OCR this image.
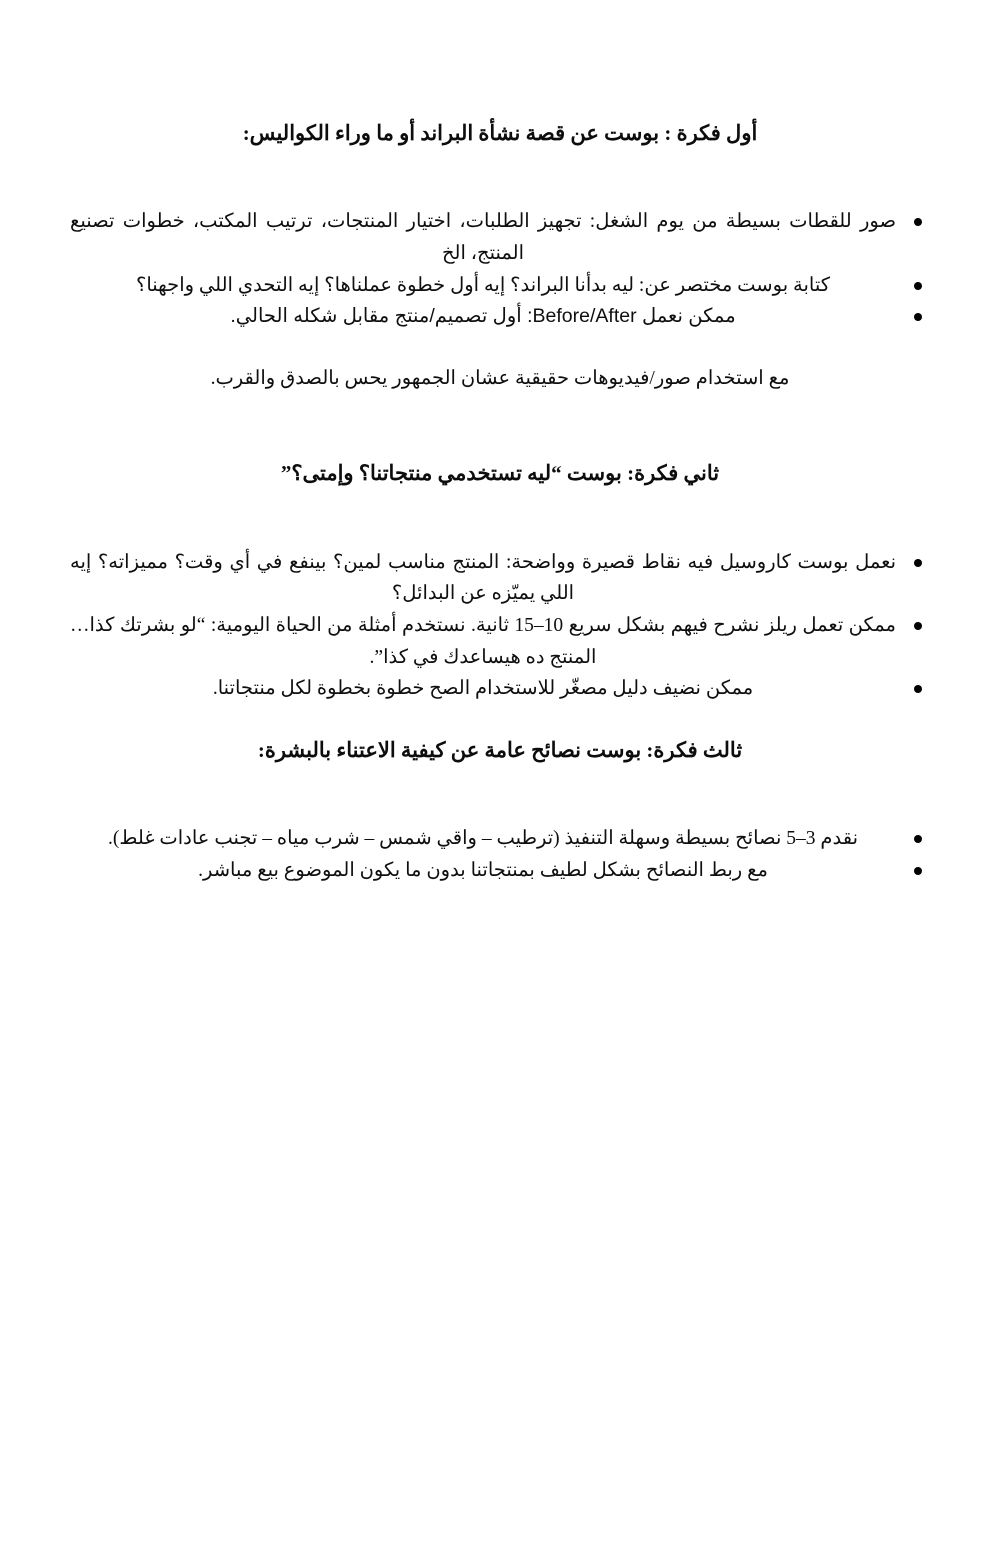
أول فكرة : بوست عن قصة نشأة البراند أو ما وراء الكواليس:
صور للقطات بسيطة من يوم الشغل: تجهيز الطلبات، اختيار المنتجات، ترتيب المكتب، خطوات تصنيع المنتج، الخ
كتابة بوست مختصر عن: ليه بدأنا البراند؟ إيه أول خطوة عملناها؟ إيه التحدي اللي واجهنا؟
ممكن نعمل Before/After: أول تصميم/منتج مقابل شكله الحالي.

مع استخدام صور/فيديوهات حقيقية عشان الجمهور يحس بالصدق والقرب.

ثاني فكرة: بوست “ليه تستخدمي منتجاتنا؟ وإمتى؟”
نعمل بوست كاروسيل فيه نقاط قصيرة وواضحة: المنتج مناسب لمين؟ بينفع في أي وقت؟ مميزاته؟ إيه اللي يميّزه عن البدائل؟
ممكن تعمل ريلز نشرح فيهم بشكل سريع 10–15 ثانية. نستخدم أمثلة من الحياة اليومية: “لو بشرتك كذا… المنتج ده هيساعدك في كذا”.
ممكن نضيف دليل مصغّر للاستخدام الصح خطوة بخطوة لكل منتجاتنا.
ثالث فكرة: بوست نصائح عامة عن كيفية الاعتناء بالبشرة:
نقدم 3–5 نصائح بسيطة وسهلة التنفيذ (ترطيب – واقي شمس – شرب مياه – تجنب عادات غلط).
مع ربط النصائح بشكل لطيف بمنتجاتنا بدون ما يكون الموضوع بيع مباشر.
